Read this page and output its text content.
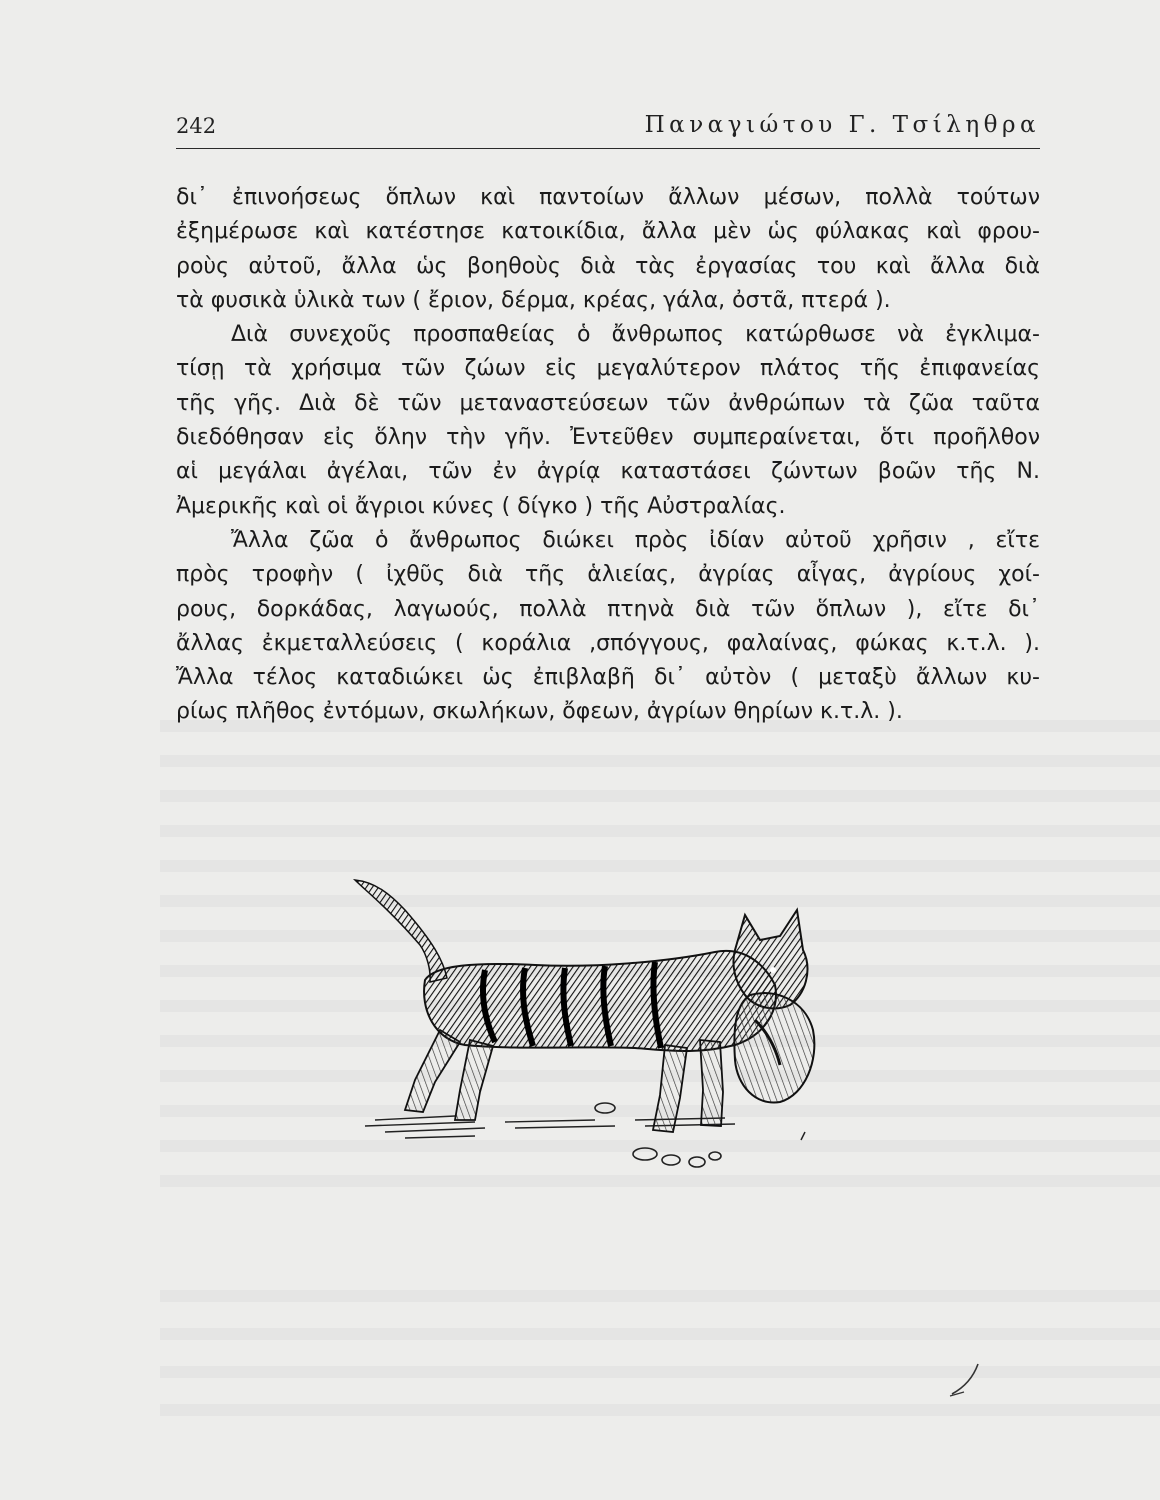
242	Παναγιώτου Γ. Τσίληθρα
δι᾽ ἐπινοήσεως ὅπλων καὶ παντοίων ἄλλων μέσων, πολλὰ τούτων
ἐξημέρωσε καὶ κατέστησε κατοικίδια, ἄλλα μὲν ὡς φύλακας καὶ φρου-
ροὺς αὐτοῦ, ἄλλα ὡς βοηθοὺς διὰ τὰς ἐργασίας του καὶ ἄλλα διὰ
τὰ φυσικὰ ὑλικὰ των ( ἔριον, δέρμα, κρέας, γάλα, ὀστᾶ, πτερά ).
Διὰ συνεχοῦς προσπαθείας ὁ ἄνθρωπος κατώρθωσε νὰ ἐγκλιμα-
τίσῃ τὰ χρήσιμα τῶν ζώων εἰς μεγαλύτερον πλάτος τῆς ἐπιφανείας
τῆς γῆς. Διὰ δὲ τῶν μεταναστεύσεων τῶν ἀνθρώπων τὰ ζῶα ταῦτα
διεδόθησαν εἰς ὅλην τὴν γῆν. Ἐντεῦθεν συμπεραίνεται, ὅτι προῆλθον
αἱ μεγάλαι ἀγέλαι, τῶν ἐν ἀγρίᾳ καταστάσει ζώντων βοῶν τῆς Ν.
Ἀμερικῆς καὶ οἱ ἄγριοι κύνες ( δίγκο ) τῆς Αὐστραλίας.
Ἄλλα ζῶα ὁ ἄνθρωπος διώκει πρὸς ἰδίαν αὐτοῦ χρῆσιν , εἴτε
πρὸς τροφὴν ( ἰχθῦς διὰ τῆς ἁλιείας, ἀγρίας αἶγας, ἀγρίους χοί-
ρους, δορκάδας, λαγωούς, πολλὰ πτηνὰ διὰ τῶν ὅπλων ), εἴτε δι᾽
ἄλλας ἐκμεταλλεύσεις ( κοράλια ,σπόγγους, φαλαίνας, φώκας κ.τ.λ. ).
Ἄλλα τέλος καταδιώκει ὡς ἐπιβλαβῆ δι᾽ αὐτὸν ( μεταξὺ ἄλλων κυ-
ρίως πλῆθος ἐντόμων, σκωλήκων, ὄφεων, ἀγρίων θηρίων κ.τ.λ. ).
